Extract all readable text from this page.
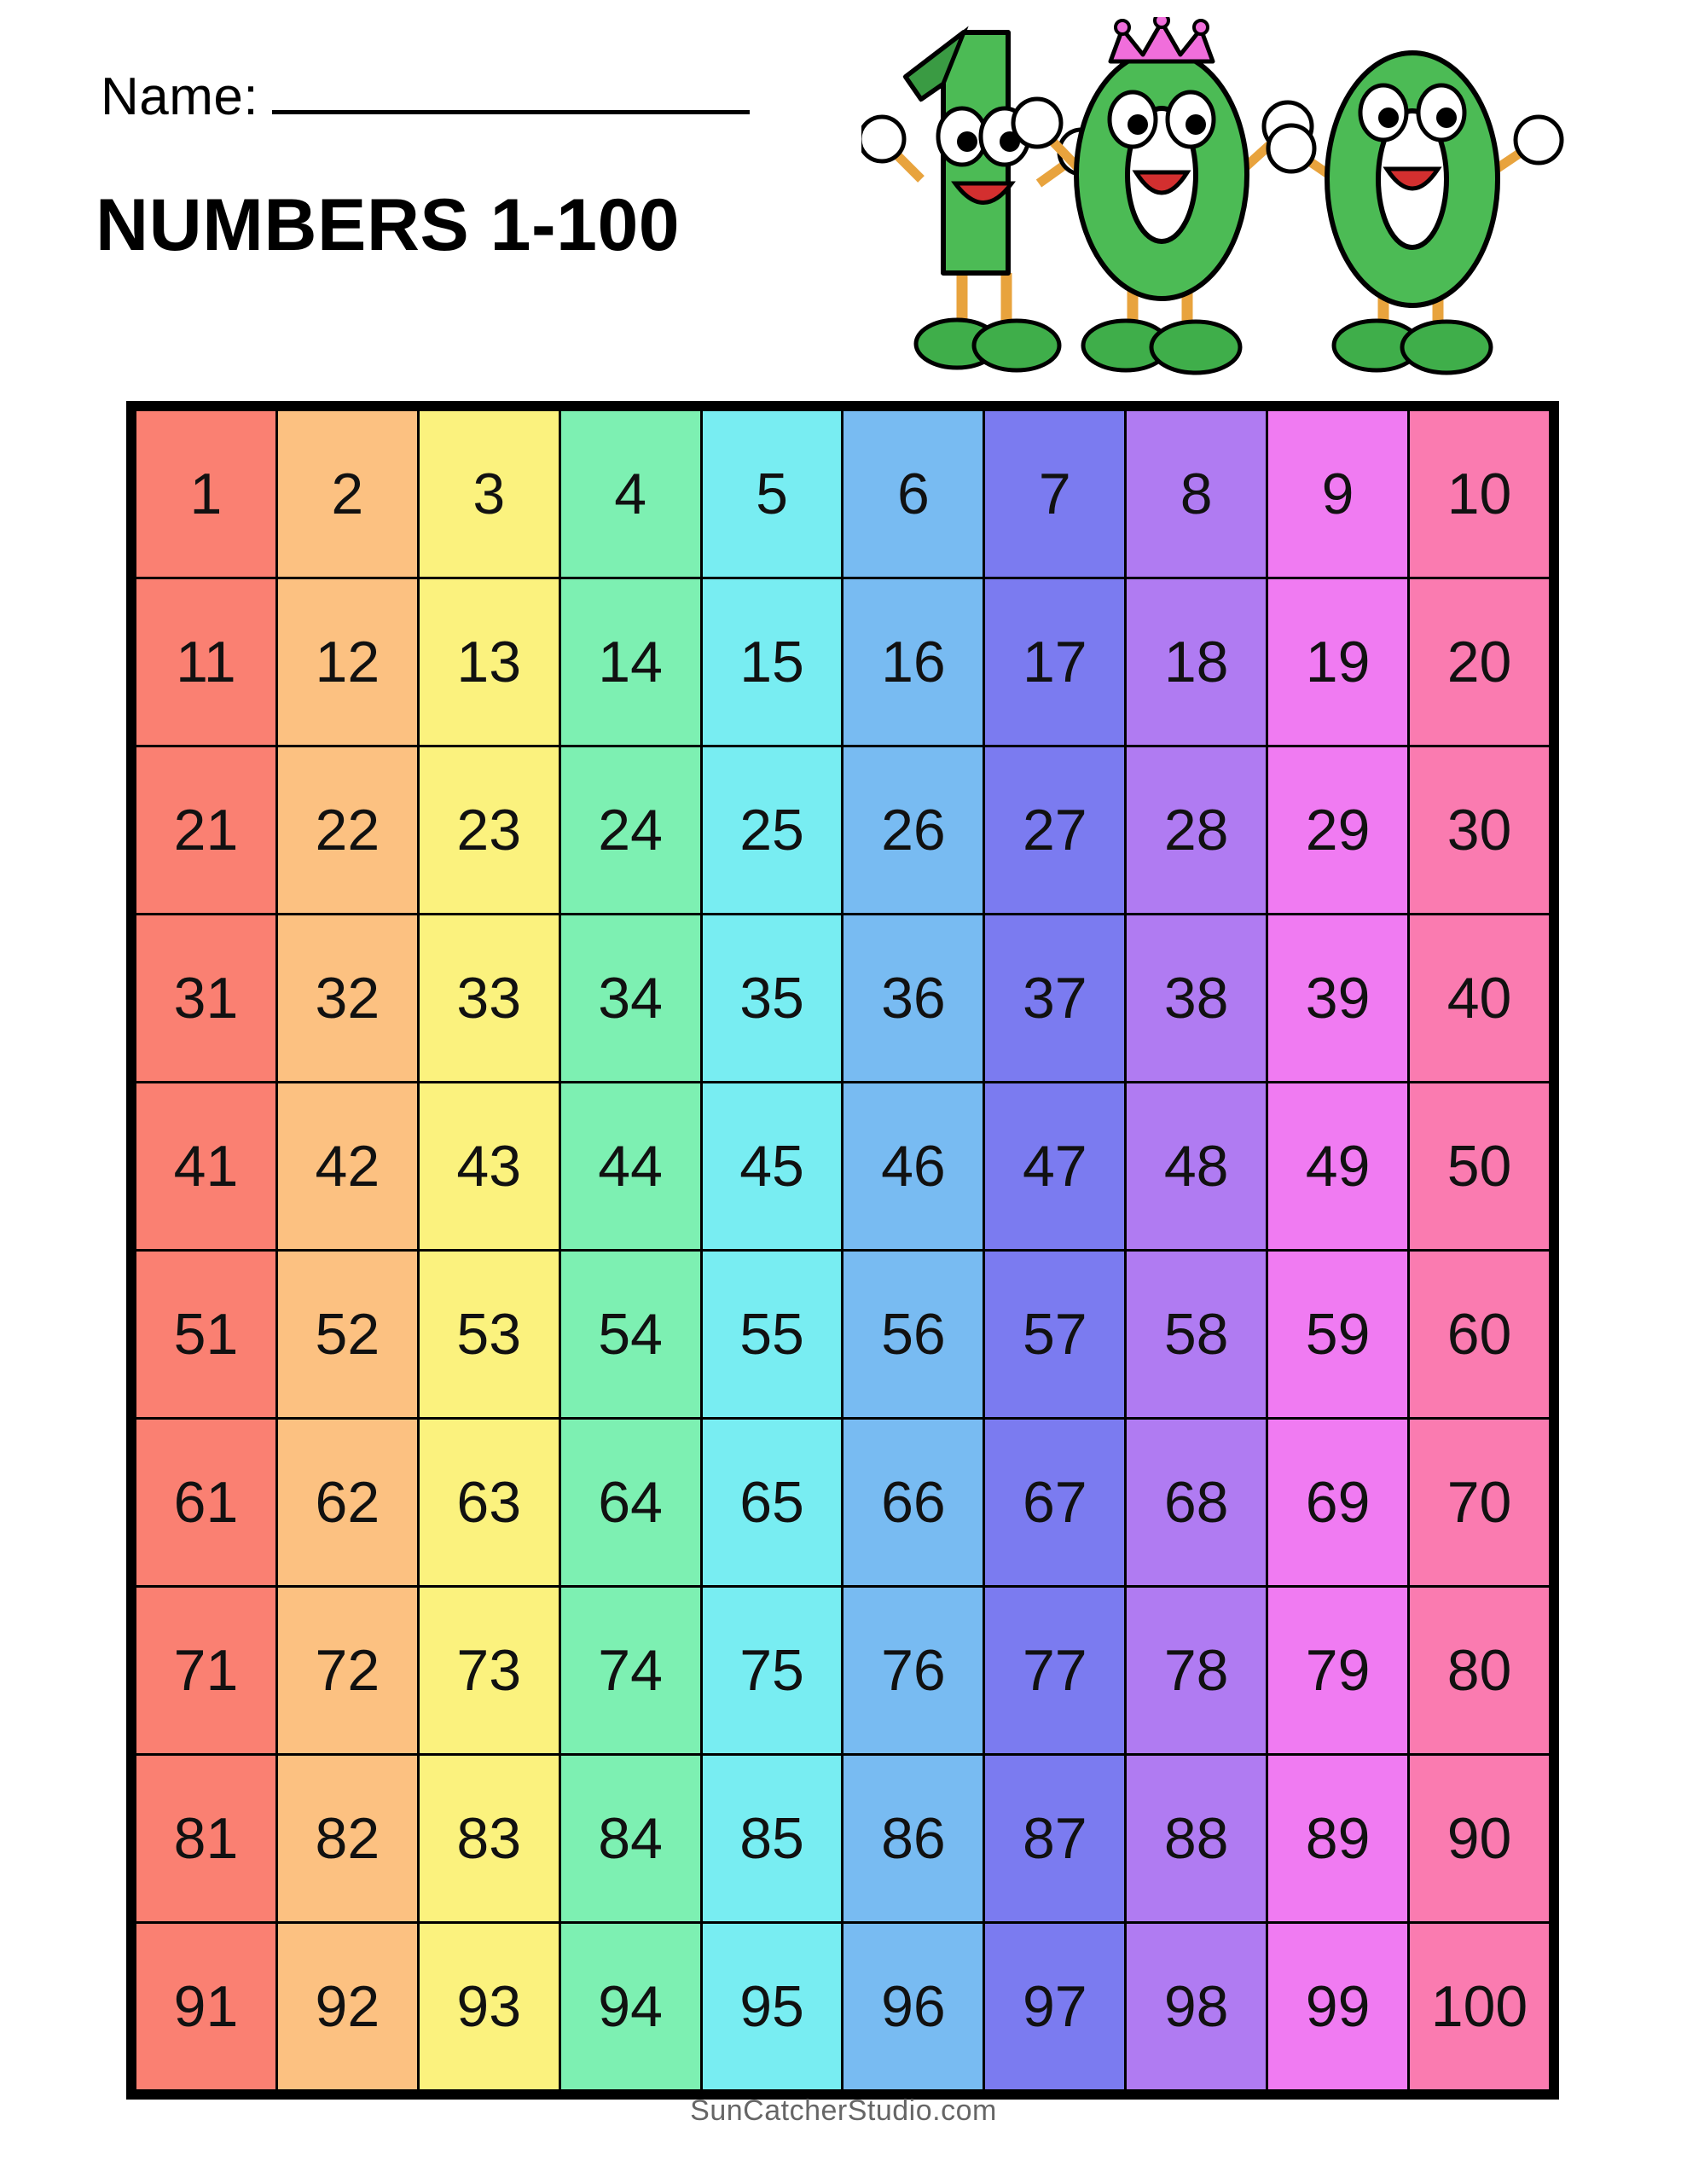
Name:
NUMBERS 1-100
1	2	3	4	5	6	7	8	9	10
11	12	13	14	15	16	17	18	19	20
21	22	23	24	25	26	27	28	29	30
31	32	33	34	35	36	37	38	39	40
41	42	43	44	45	46	47	48	49	50
51	52	53	54	55	56	57	58	59	60
61	62	63	64	65	66	67	68	69	70
71	72	73	74	75	76	77	78	79	80
81	82	83	84	85	86	87	88	89	90
91	92	93	94	95	96	97	98	99	100
SunCatcherStudio.com
